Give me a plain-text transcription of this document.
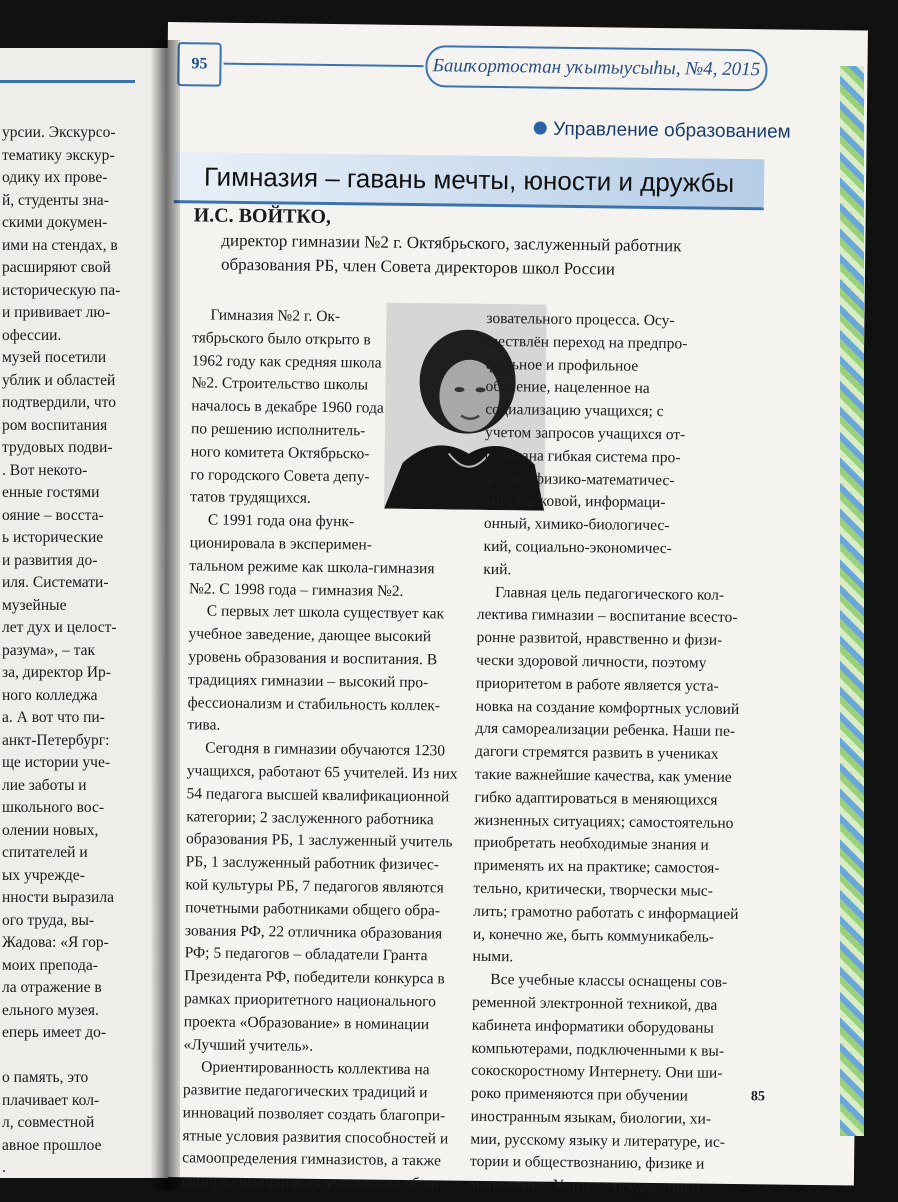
урсии. Экскурсо-
тематику экскур-
одику их прове-
й, студенты зна-
скими докумен-
ими на стендах, в
расширяют свой
историческую па-
и прививает лю-
офессии.
музей посетили
ублик и областей
подтвердили, что
ром воспитания
трудовых подви-
. Вот некото-
енные гостями
ояние – восста-
ь исторические
и развития до-
иля. Системати-
музейные
лет дух и целост-
разума», – так
за, директор Ир-
ного колледжа
а. А вот что пи-
анкт-Петербург:
ще истории уче-
лие заботы и
школьного вос-
олении новых,
спитателей и
ых учрежде-
нности выразила
ого труда, вы-
Жадова: «Я гор-
моих препода-
ла отражение в
ельного музея.
еперь имеет до-
о память, это
плачивает кол-
л, совместной
авное прошлое
.
95	Башҡортостан уҡытыусыһы, №4, 2015
Управление образованием
Гимназия – гавань мечты, юности и дружбы
И.С. ВОЙТКО,
директор гимназии №2 г. Октябрьского, заслуженный работник
образования РБ, член Совета директоров школ России
Гимназия №2 г. Ок-
тябрьского было открыто в
1962 году как средняя школа
№2. Строительство школы
началось в декабре 1960 года
по решению исполнитель-
ного комитета Октябрьско-
го городского Совета депу-
татов трудящихся.
С 1991 года она функ-
ционировала в эксперимен-
тальном режиме как школа-гимназия
№2. С 1998 года – гимназия №2.
С первых лет школа существует как
учебное заведение, дающее высокий
уровень образования и воспитания. В
традициях гимназии – высокий про-
фессионализм и стабильность коллек-
тива.
Сегодня в гимназии обучаются 1230
учащихся, работают 65 учителей. Из них
54 педагога высшей квалификационной
категории; 2 заслуженного работника
образования РБ, 1 заслуженный учитель
РБ, 1 заслуженный работник физичес-
кой культуры РБ, 7 педагогов являются
почетными работниками общего обра-
зования РФ, 22 отличника образования
РФ; 5 педагогов – обладатели Гранта
Президента РФ, победители конкурса в
рамках приоритетного национального
проекта «Образование» в номинации
«Лучший учитель».
Ориентированность коллектива на
развитие педагогических традиций и
инноваций позволяет создать благопри-
ятные условия развития способностей и
самоопределения гимназистов, а также
самореализации всех участников обра-
зовательного процесса. Осу-
ществлён переход на предпро-
фильное и профильное
обучение, нацеленное на
социализацию учащихся; с
учетом запросов учащихся от-
работана гибкая система про-
филей: физико-математичес-
кий, языковой, информаци-
онный, химико-биологичес-
кий, социально-экономичес-
кий.
Главная цель педагогического кол-
лектива гимназии – воспитание всесто-
ронне развитой, нравственно и физи-
чески здоровой личности, поэтому
приоритетом в работе является уста-
новка на создание комфортных условий
для самореализации ребенка. Наши пе-
дагоги стремятся развить в учениках
такие важнейшие качества, как умение
гибко адаптироваться в меняющихся
жизненных ситуациях; самостоятельно
приобретать необходимые знания и
применять их на практике; самостоя-
тельно, критически, творчески мыс-
лить; грамотно работать с информацией
и, конечно же, быть коммуникабель-
ными.
Все учебные классы оснащены сов-
ременной электронной техникой, два
кабинета информатики оборудованы
компьютерами, подключенными к вы-
сокоскоростному Интернету. Они ши-
роко применяются при обучении
иностранным языкам, биологии, хи-
мии, русскому языку и литературе, ис-
тории и обществознанию, физике и
математике. Учителя-предметники
85
